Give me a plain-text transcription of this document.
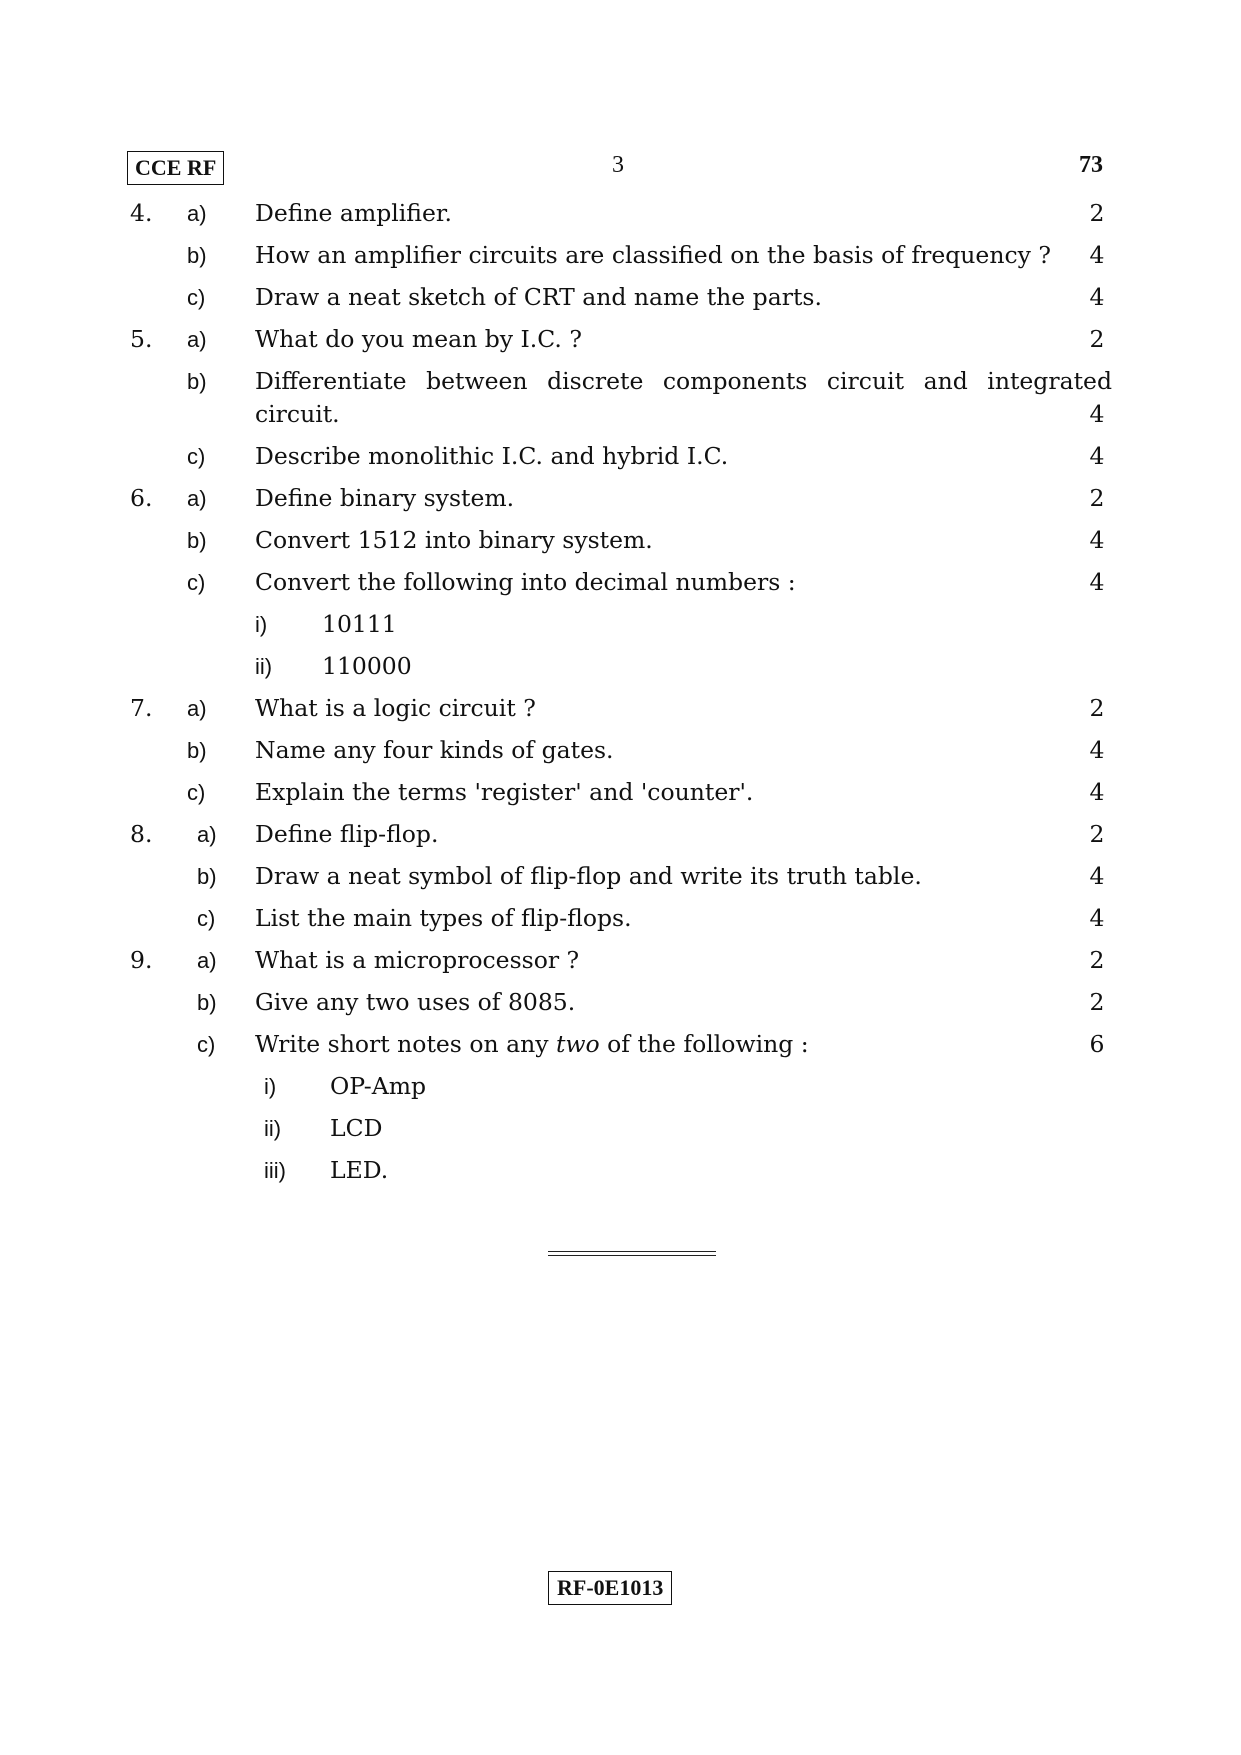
CCE RF	3	73
4. a) Define amplifier.	2
b) How an amplifier circuits are classified on the basis of frequency ?	4
c) Draw a neat sketch of CRT and name the parts.	4
5. a) What do you mean by I.C. ?	2
b) Differentiate between discrete components circuit and integrated
circuit.	4
c) Describe monolithic I.C. and hybrid I.C.	4
6. a) Define binary system.	2
b) Convert 1512 into binary system.	4
c) Convert the following into decimal numbers :	4
i) 10111
ii) 110000
7. a) What is a logic circuit ?	2
b) Name any four kinds of gates.	4
c) Explain the terms 'register' and 'counter'.	4
8. a) Define flip-flop.	2
b) Draw a neat symbol of flip-flop and write its truth table.	4
c) List the main types of flip-flops.	4
9. a) What is a microprocessor ?	2
b) Give any two uses of 8085.	2
c) Write short notes on any two of the following :	6
i) OP-Amp
ii) LCD
iii) LED.
RF-0E1013
